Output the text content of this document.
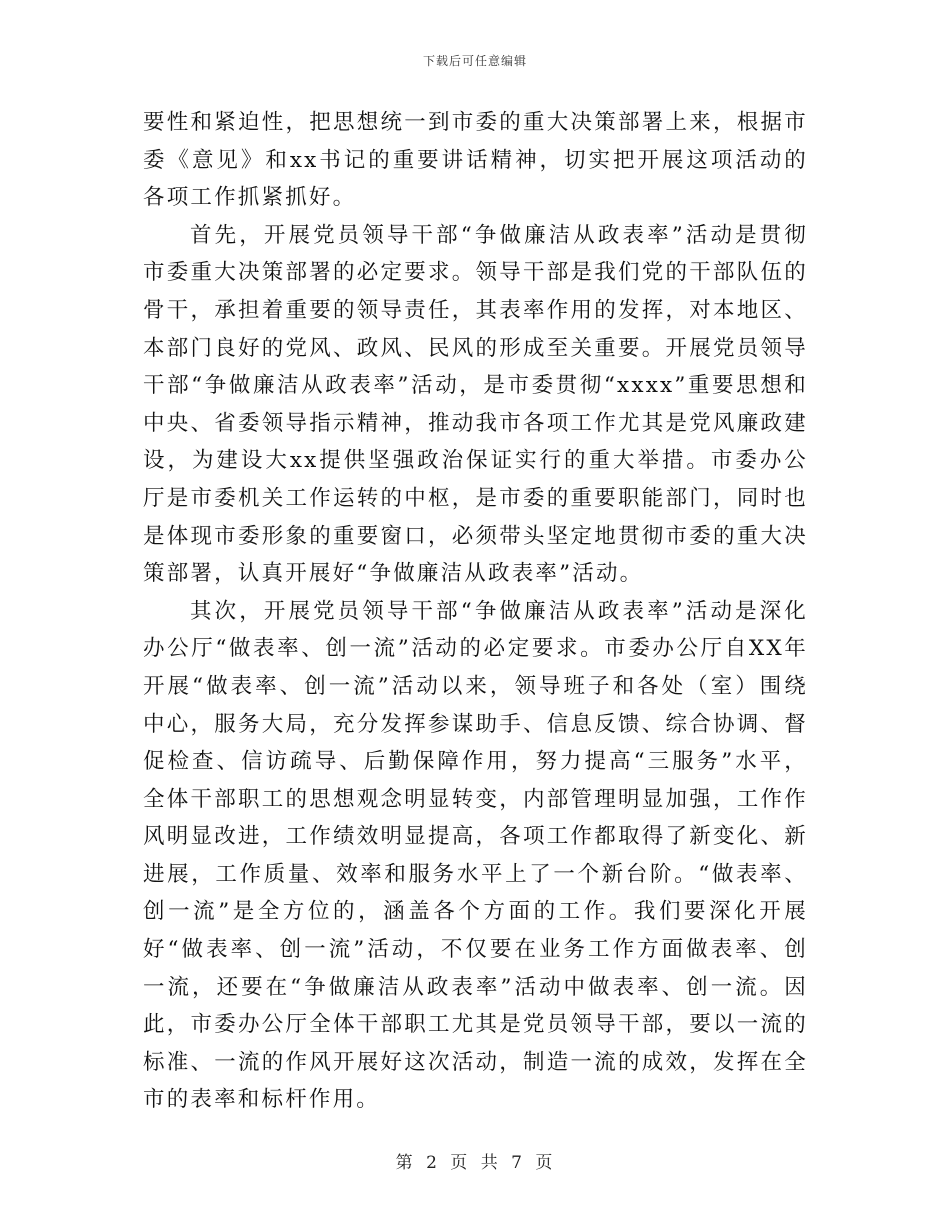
下载后可任意编辑

要性和紧迫性，把思想统一到市委的重大决策部署上来，根据市委《意见》和xx书记的重要讲话精神，切实把开展这项活动的各项工作抓紧抓好。

首先，开展党员领导干部“争做廉洁从政表率”活动是贯彻市委重大决策部署的必定要求。领导干部是我们党的干部队伍的骨干，承担着重要的领导责任，其表率作用的发挥，对本地区、本部门良好的党风、政风、民风的形成至关重要。开展党员领导干部“争做廉洁从政表率”活动，是市委贯彻“xxxx”重要思想和中央、省委领导指示精神，推动我市各项工作尤其是党风廉政建设，为建设大xx提供坚强政治保证实行的重大举措。市委办公厅是市委机关工作运转的中枢，是市委的重要职能部门，同时也是体现市委形象的重要窗口，必须带头坚定地贯彻市委的重大决策部署，认真开展好“争做廉洁从政表率”活动。

其次，开展党员领导干部“争做廉洁从政表率”活动是深化办公厅“做表率、创一流”活动的必定要求。市委办公厅自XX年开展“做表率、创一流”活动以来，领导班子和各处（室）围绕中心，服务大局，充分发挥参谋助手、信息反馈、综合协调、督促检查、信访疏导、后勤保障作用，努力提高“三服务”水平，全体干部职工的思想观念明显转变，内部管理明显加强，工作作风明显改进，工作绩效明显提高，各项工作都取得了新变化、新进展，工作质量、效率和服务水平上了一个新台阶。“做表率、创一流”是全方位的，涵盖各个方面的工作。我们要深化开展好“做表率、创一流”活动，不仅要在业务工作方面做表率、创一流，还要在“争做廉洁从政表率”活动中做表率、创一流。因此，市委办公厅全体干部职工尤其是党员领导干部，要以一流的标准、一流的作风开展好这次活动，制造一流的成效，发挥在全市的表率和标杆作用。

第 2 页 共 7 页
